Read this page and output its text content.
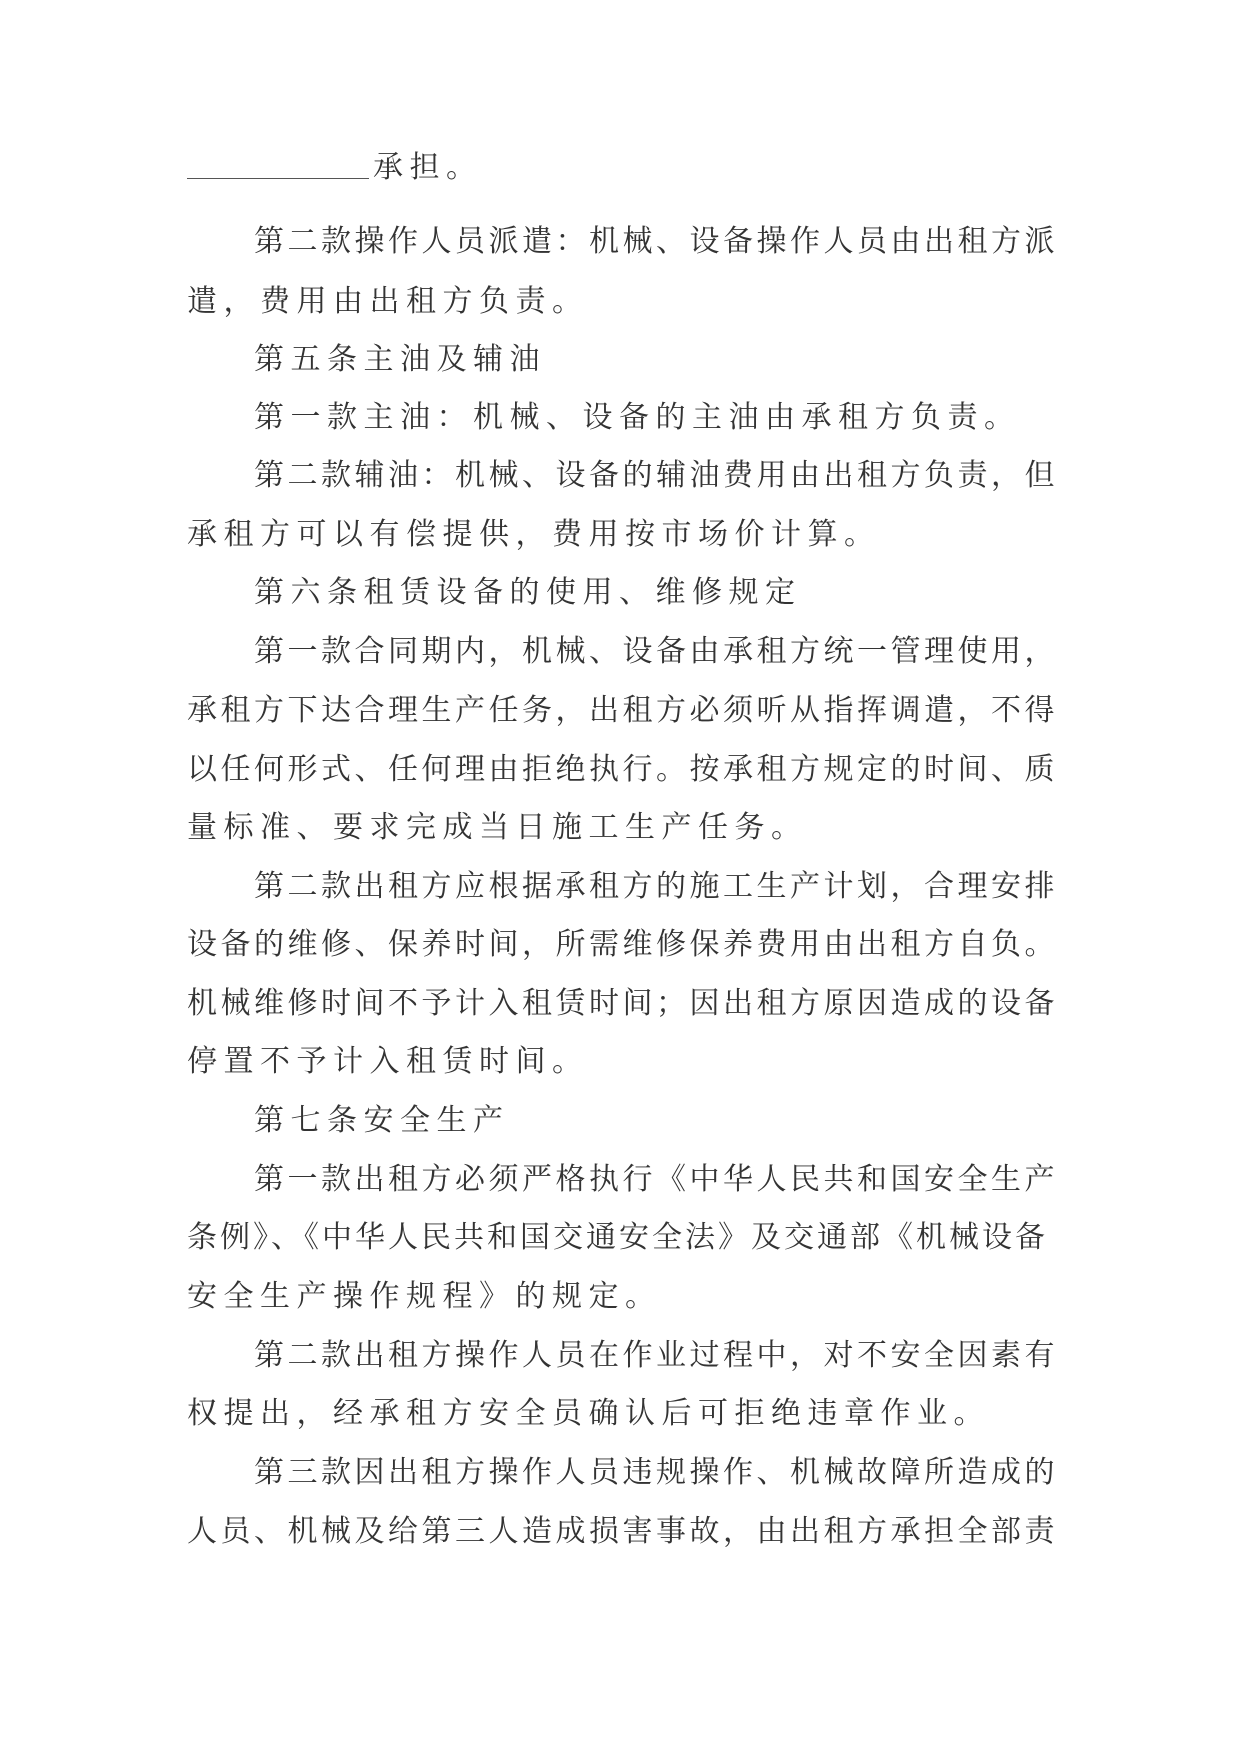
承担。
第二款操作人员派遣：机械、设备操作人员由出租方派
遣，费用由出租方负责。
第五条主油及辅油
第一款主油：机械、设备的主油由承租方负责。
第二款辅油：机械、设备的辅油费用由出租方负责，但
承租方可以有偿提供，费用按市场价计算。
第六条租赁设备的使用、维修规定
第一款合同期内，机械、设备由承租方统一管理使用，
承租方下达合理生产任务，出租方必须听从指挥调遣，不得
以任何形式、任何理由拒绝执行。按承租方规定的时间、质
量标准、要求完成当日施工生产任务。
第二款出租方应根据承租方的施工生产计划，合理安排
设备的维修、保养时间，所需维修保养费用由出租方自负。
机械维修时间不予计入租赁时间；因出租方原因造成的设备
停置不予计入租赁时间。
第七条安全生产
第一款出租方必须严格执行《中华人民共和国安全生产
条例》、《中华人民共和国交通安全法》及交通部《机械设备
安全生产操作规程》的规定。
第二款出租方操作人员在作业过程中，对不安全因素有
权提出，经承租方安全员确认后可拒绝违章作业。
第三款因出租方操作人员违规操作、机械故障所造成的
人员、机械及给第三人造成损害事故，由出租方承担全部责
